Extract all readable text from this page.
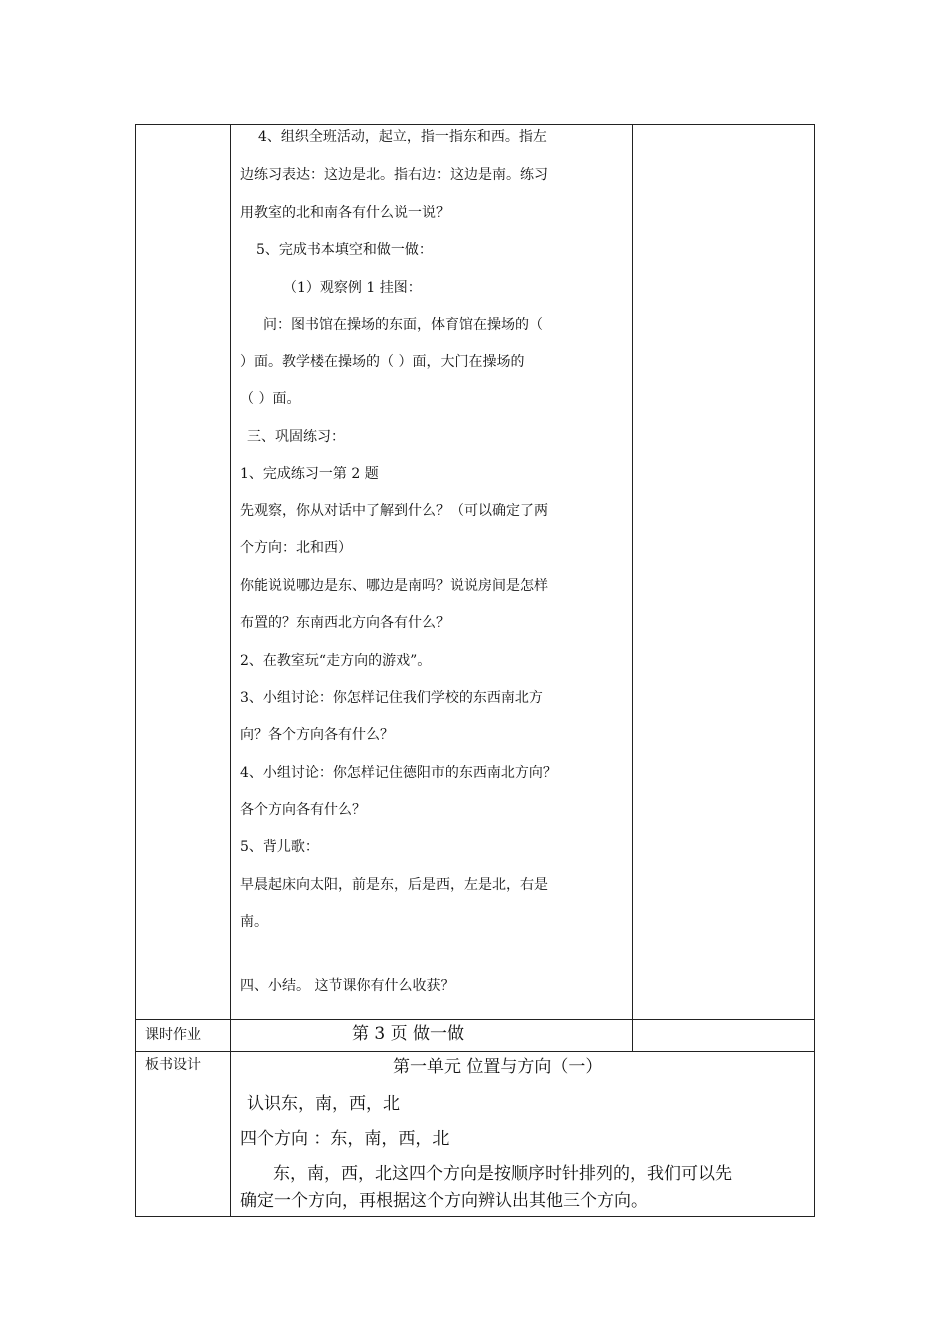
4、组织全班活动，起立，指一指东和西。指左
边练习表达：这边是北。指右边：这边是南。练习
用教室的北和南各有什么说一说？
5、完成书本填空和做一做：
（1）观察例 1 挂图：
问：图书馆在操场的东面，体育馆在操场的（
）面。教学楼在操场的（ ）面，大门在操场的
（ ）面。
三、巩固练习：
1、完成练习一第 2 题
先观察，你从对话中了解到什么？（可以确定了两
个方向：北和西）
你能说说哪边是东、哪边是南吗？说说房间是怎样
布置的？东南西北方向各有什么？
2、在教室玩“走方向的游戏”。
3、小组讨论：你怎样记住我们学校的东西南北方
向？各个方向各有什么？
4、小组讨论：你怎样记住德阳市的东西南北方向？
各个方向各有什么？
5、背儿歌：
早晨起床向太阳，前是东，后是西，左是北，右是
南。
四、小结。 这节课你有什么收获？
课时作业	第 3 页 做一做
板书设计	第一单元 位置与方向（一）
认识东，南，西，北
四个方向 ：东，南，西，北
东，南，西，北这四个方向是按顺序时针排列的，我们可以先
确定一个方向，再根据这个方向辨认出其他三个方向。
